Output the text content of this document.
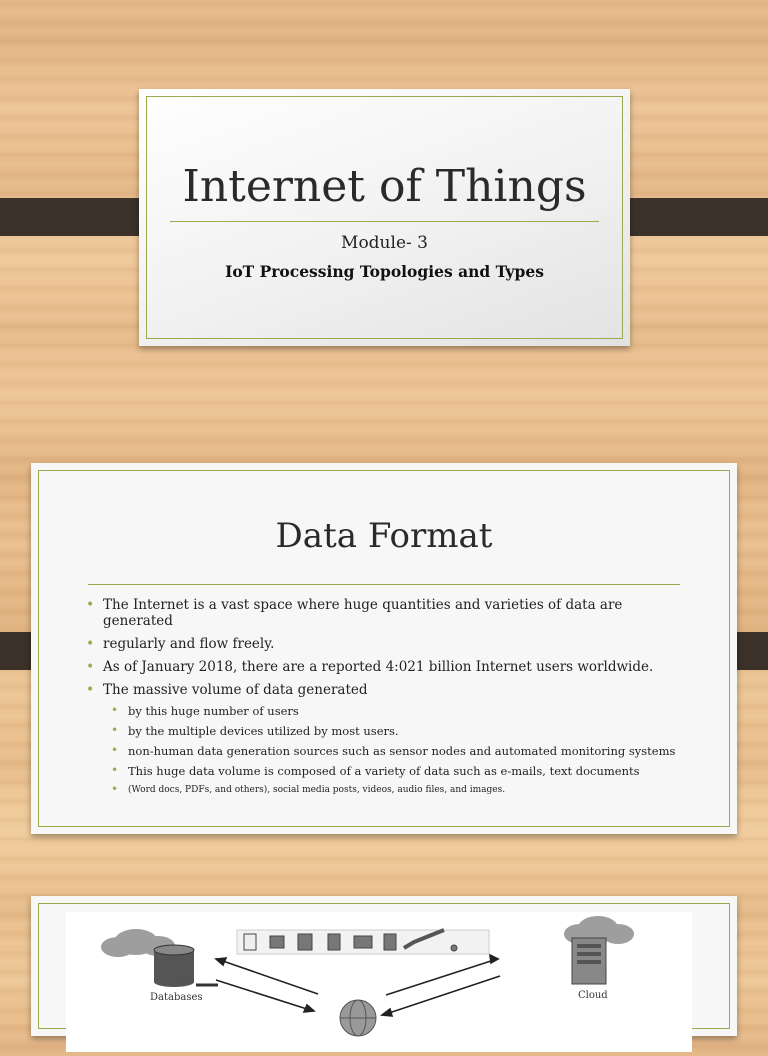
Internet of Things
Module- 3
IoT Processing Topologies and Types
Data Format
• The Internet is a vast space where huge quantities and varieties of data are generated
• regularly and flow freely.
• As of January 2018, there are a reported 4:021 billion Internet users worldwide.
• The massive volume of data generated
• by this huge number of users
• by the multiple devices utilized by most users.
• non-human data generation sources such as sensor nodes and automated monitoring systems
• This huge data volume is composed of a variety of data such as e-mails, text documents
• (Word docs, PDFs, and others), social media posts, videos, audio files, and images.
Databases	Cloud
